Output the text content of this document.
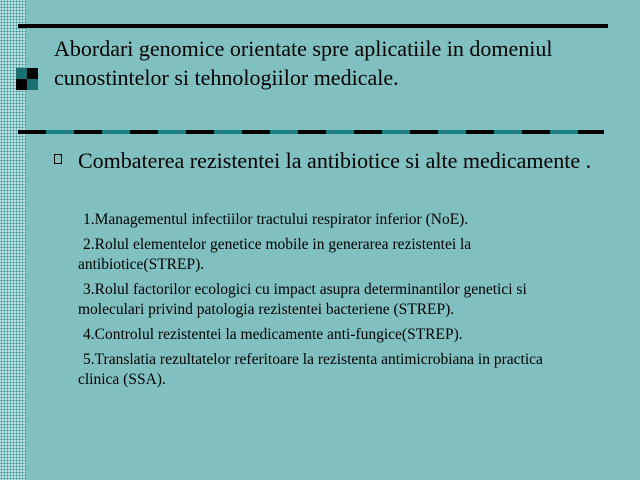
Abordari genomice orientate spre aplicatiile in domeniul cunostintelor si tehnologiilor medicale.
Combaterea rezistentei la antibiotice si alte medicamente .
1.Managementul infectiilor tractului respirator inferior (NoE).
2.Rolul elementelor genetice mobile in generarea rezistentei la antibiotice(STREP).
3.Rolul factorilor ecologici cu impact asupra determinantilor genetici si moleculari privind patologia rezistentei bacteriene (STREP).
4.Controlul rezistentei la medicamente anti-fungice(STREP).
5.Translatia rezultatelor referitoare la rezistenta antimicrobiana in practica clinica (SSA).
